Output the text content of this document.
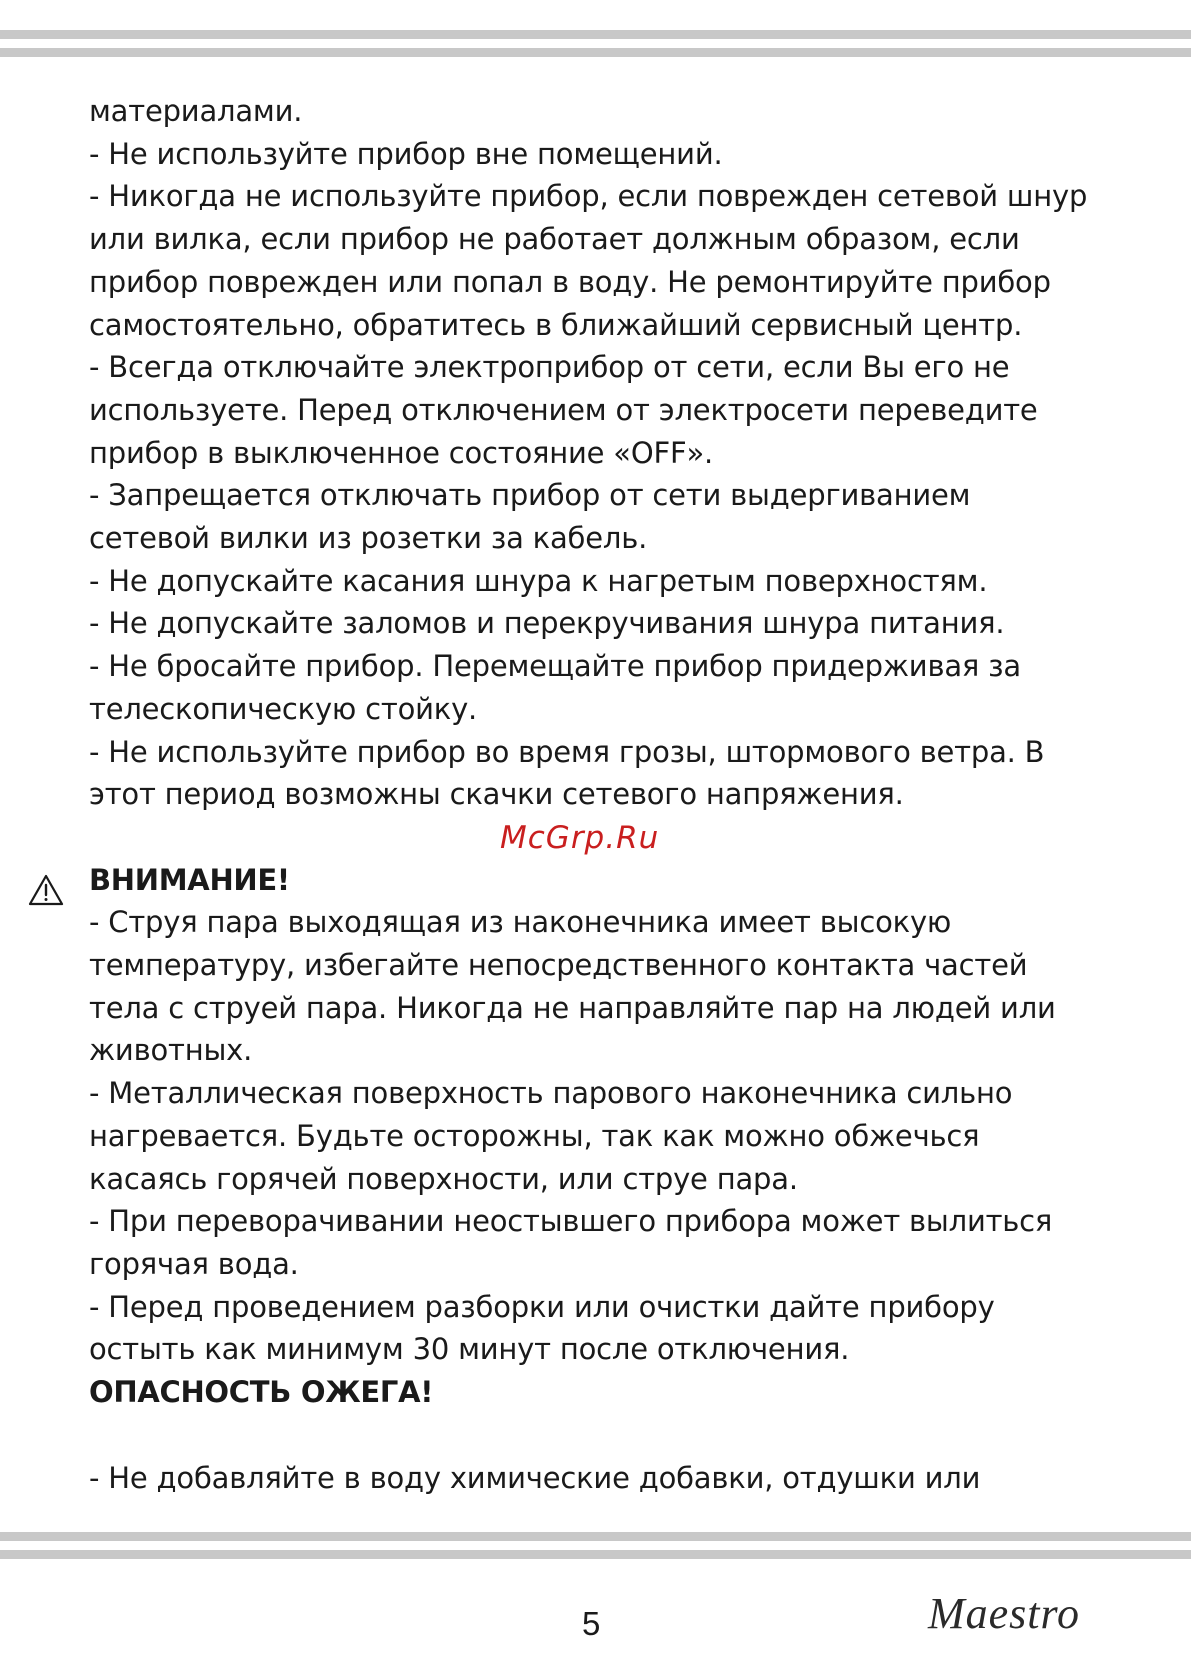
материалами.
- Не используйте прибор вне помещений.
- Никогда не используйте прибор, если поврежден сетевой шнур
или вилка, если прибор не работает должным образом, если
прибор поврежден или попал в воду. Не ремонтируйте прибор
самостоятельно, обратитесь в ближайший сервисный центр.
- Всегда отключайте электроприбор от сети, если Вы его не
используете. Перед отключением от электросети переведите
прибор в выключенное состояние «OFF».
- Запрещается отключать прибор от сети выдергиванием
сетевой вилки из розетки за кабель.
- Не допускайте касания шнура к нагретым поверхностям.
- Не допускайте заломов и перекручивания шнура питания.
- Не бросайте прибор. Перемещайте прибор придерживая за
телескопическую стойку.
- Не используйте прибор во время грозы, штормового ветра. В
этот период возможны скачки сетевого напряжения.

ВНИМАНИЕ!
- Струя пара выходящая из наконечника имеет высокую
температуру, избегайте непосредственного контакта частей
тела с струей пара. Никогда не направляйте пар на людей или
животных.
- Металлическая поверхность парового наконечника сильно
нагревается. Будьте осторожны, так как можно обжечься
касаясь горячей поверхности, или струе пара.
- При переворачивании неостывшего прибора может вылиться
горячая вода.
- Перед проведением разборки или очистки дайте прибору
остыть как минимум 30 минут после отключения.
ОПАСНОСТЬ ОЖЕГА!

- Не добавляйте в воду химические добавки, отдушки или
McGrp.Ru
5	Maestro
